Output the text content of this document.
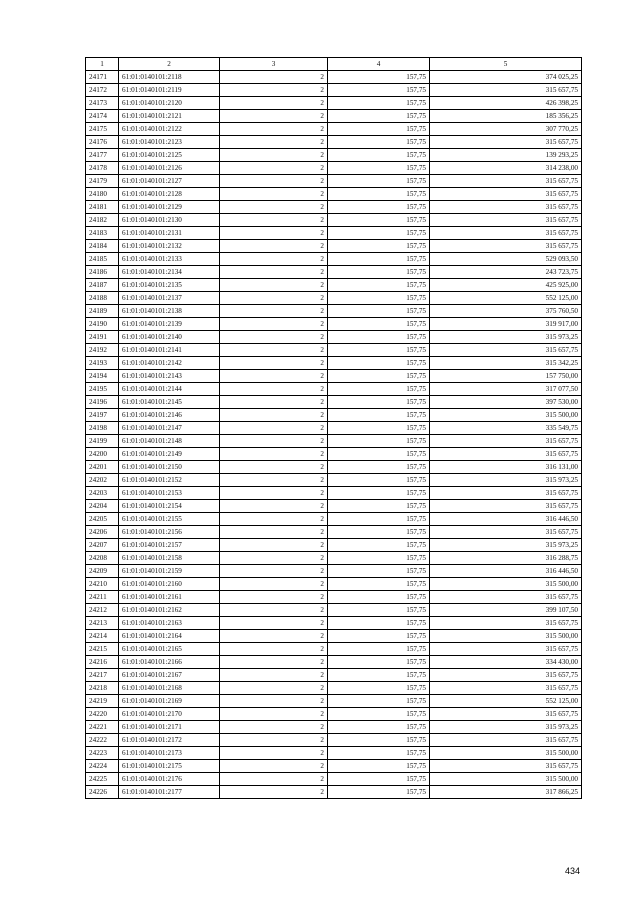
1	2	3	4	5
24171	61:01:0140101:2118	2	157,75	374 025,25
24172	61:01:0140101:2119	2	157,75	315 657,75
24173	61:01:0140101:2120	2	157,75	426 398,25
24174	61:01:0140101:2121	2	157,75	185 356,25
24175	61:01:0140101:2122	2	157,75	307 770,25
24176	61:01:0140101:2123	2	157,75	315 657,75
24177	61:01:0140101:2125	2	157,75	139 293,25
24178	61:01:0140101:2126	2	157,75	314 238,00
24179	61:01:0140101:2127	2	157,75	315 657,75
24180	61:01:0140101:2128	2	157,75	315 657,75
24181	61:01:0140101:2129	2	157,75	315 657,75
24182	61:01:0140101:2130	2	157,75	315 657,75
24183	61:01:0140101:2131	2	157,75	315 657,75
24184	61:01:0140101:2132	2	157,75	315 657,75
24185	61:01:0140101:2133	2	157,75	529 093,50
24186	61:01:0140101:2134	2	157,75	243 723,75
24187	61:01:0140101:2135	2	157,75	425 925,00
24188	61:01:0140101:2137	2	157,75	552 125,00
24189	61:01:0140101:2138	2	157,75	375 760,50
24190	61:01:0140101:2139	2	157,75	319 917,00
24191	61:01:0140101:2140	2	157,75	315 973,25
24192	61:01:0140101:2141	2	157,75	315 657,75
24193	61:01:0140101:2142	2	157,75	315 342,25
24194	61:01:0140101:2143	2	157,75	157 750,00
24195	61:01:0140101:2144	2	157,75	317 077,50
24196	61:01:0140101:2145	2	157,75	397 530,00
24197	61:01:0140101:2146	2	157,75	315 500,00
24198	61:01:0140101:2147	2	157,75	335 549,75
24199	61:01:0140101:2148	2	157,75	315 657,75
24200	61:01:0140101:2149	2	157,75	315 657,75
24201	61:01:0140101:2150	2	157,75	316 131,00
24202	61:01:0140101:2152	2	157,75	315 973,25
24203	61:01:0140101:2153	2	157,75	315 657,75
24204	61:01:0140101:2154	2	157,75	315 657,75
24205	61:01:0140101:2155	2	157,75	316 446,50
24206	61:01:0140101:2156	2	157,75	315 657,75
24207	61:01:0140101:2157	2	157,75	315 973,25
24208	61:01:0140101:2158	2	157,75	316 288,75
24209	61:01:0140101:2159	2	157,75	316 446,50
24210	61:01:0140101:2160	2	157,75	315 500,00
24211	61:01:0140101:2161	2	157,75	315 657,75
24212	61:01:0140101:2162	2	157,75	399 107,50
24213	61:01:0140101:2163	2	157,75	315 657,75
24214	61:01:0140101:2164	2	157,75	315 500,00
24215	61:01:0140101:2165	2	157,75	315 657,75
24216	61:01:0140101:2166	2	157,75	334 430,00
24217	61:01:0140101:2167	2	157,75	315 657,75
24218	61:01:0140101:2168	2	157,75	315 657,75
24219	61:01:0140101:2169	2	157,75	552 125,00
24220	61:01:0140101:2170	2	157,75	315 657,75
24221	61:01:0140101:2171	2	157,75	315 973,25
24222	61:01:0140101:2172	2	157,75	315 657,75
24223	61:01:0140101:2173	2	157,75	315 500,00
24224	61:01:0140101:2175	2	157,75	315 657,75
24225	61:01:0140101:2176	2	157,75	315 500,00
24226	61:01:0140101:2177	2	157,75	317 866,25
434
